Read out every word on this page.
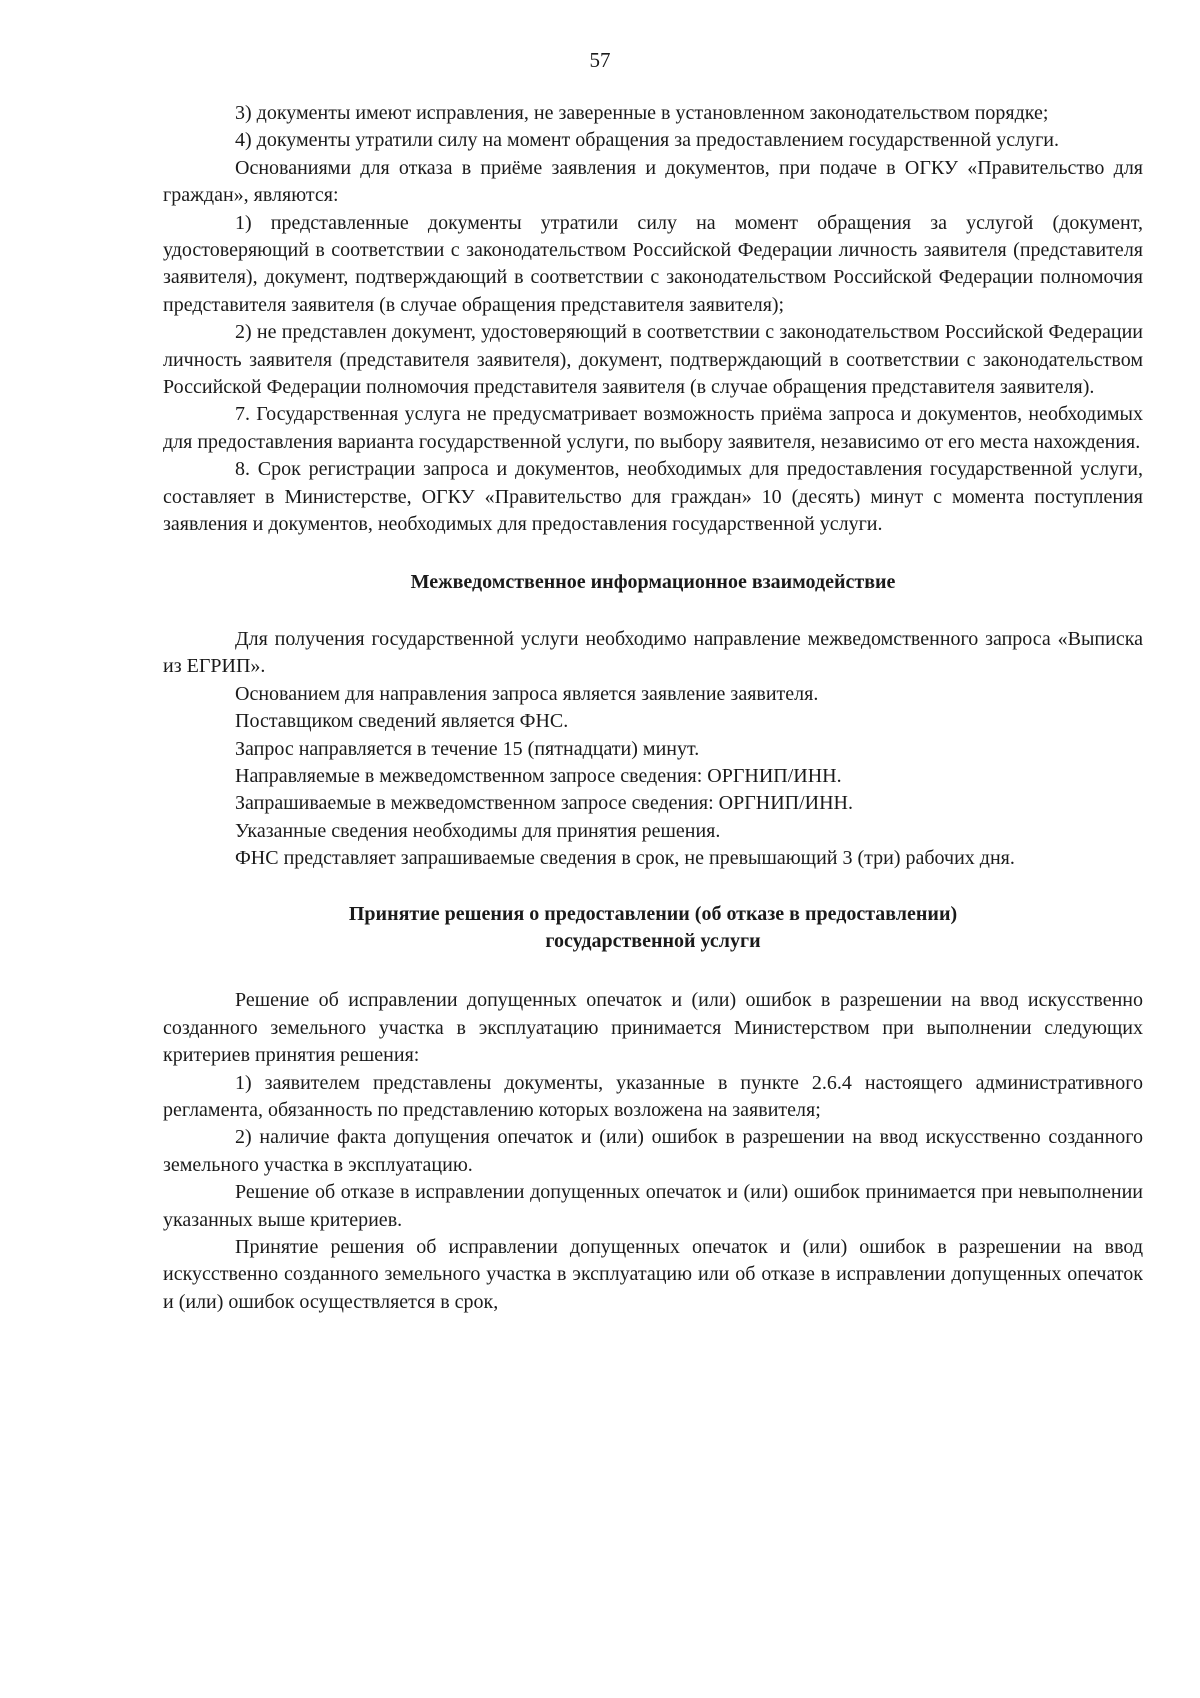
57

3) документы имеют исправления, не заверенные в установленном законодательством порядке;

4) документы утратили силу на момент обращения за предоставлением государственной услуги.

Основаниями для отказа в приёме заявления и документов, при подаче в ОГКУ «Правительство для граждан», являются:

1) представленные документы утратили силу на момент обращения за услугой (документ, удостоверяющий в соответствии с законодательством Российской Федерации личность заявителя (представителя заявителя), документ, подтверждающий в соответствии с законодательством Российской Федерации полномочия представителя заявителя (в случае обращения представителя заявителя);

2) не представлен документ, удостоверяющий в соответствии с законодательством Российской Федерации личность заявителя (представителя заявителя), документ, подтверждающий в соответствии с законодательством Российской Федерации полномочия представителя заявителя (в случае обращения представителя заявителя).

7. Государственная услуга не предусматривает возможность приёма запроса и документов, необходимых для предоставления варианта государственной услуги, по выбору заявителя, независимо от его места нахождения.

8. Срок регистрации запроса и документов, необходимых для предоставления государственной услуги, составляет в Министерстве, ОГКУ «Правительство для граждан» 10 (десять) минут с момента поступления заявления и документов, необходимых для предоставления государственной услуги.

Межведомственное информационное взаимодействие

Для получения государственной услуги необходимо направление межведомственного запроса «Выписка из ЕГРИП».

Основанием для направления запроса является заявление заявителя.

Поставщиком сведений является ФНС.

Запрос направляется в течение 15 (пятнадцати) минут.

Направляемые в межведомственном запросе сведения: ОРГНИП/ИНН.

Запрашиваемые в межведомственном запросе сведения: ОРГНИП/ИНН.

Указанные сведения необходимы для принятия решения.

ФНС представляет запрашиваемые сведения в срок, не превышающий 3 (три) рабочих дня.

Принятие решения о предоставлении (об отказе в предоставлении)
государственной услуги

Решение об исправлении допущенных опечаток и (или) ошибок в разрешении на ввод искусственно созданного земельного участка в эксплуатацию принимается Министерством при выполнении следующих критериев принятия решения:

1) заявителем представлены документы, указанные в пункте 2.6.4 настоящего административного регламента, обязанность по представлению которых возложена на заявителя;

2) наличие факта допущения опечаток и (или) ошибок в разрешении на ввод искусственно созданного земельного участка в эксплуатацию.

Решение об отказе в исправлении допущенных опечаток и (или) ошибок принимается при невыполнении указанных выше критериев.

Принятие решения об исправлении допущенных опечаток и (или) ошибок в разрешении на ввод искусственно созданного земельного участка в эксплуатацию или об отказе в исправлении допущенных опечаток и (или) ошибок осуществляется в срок,
